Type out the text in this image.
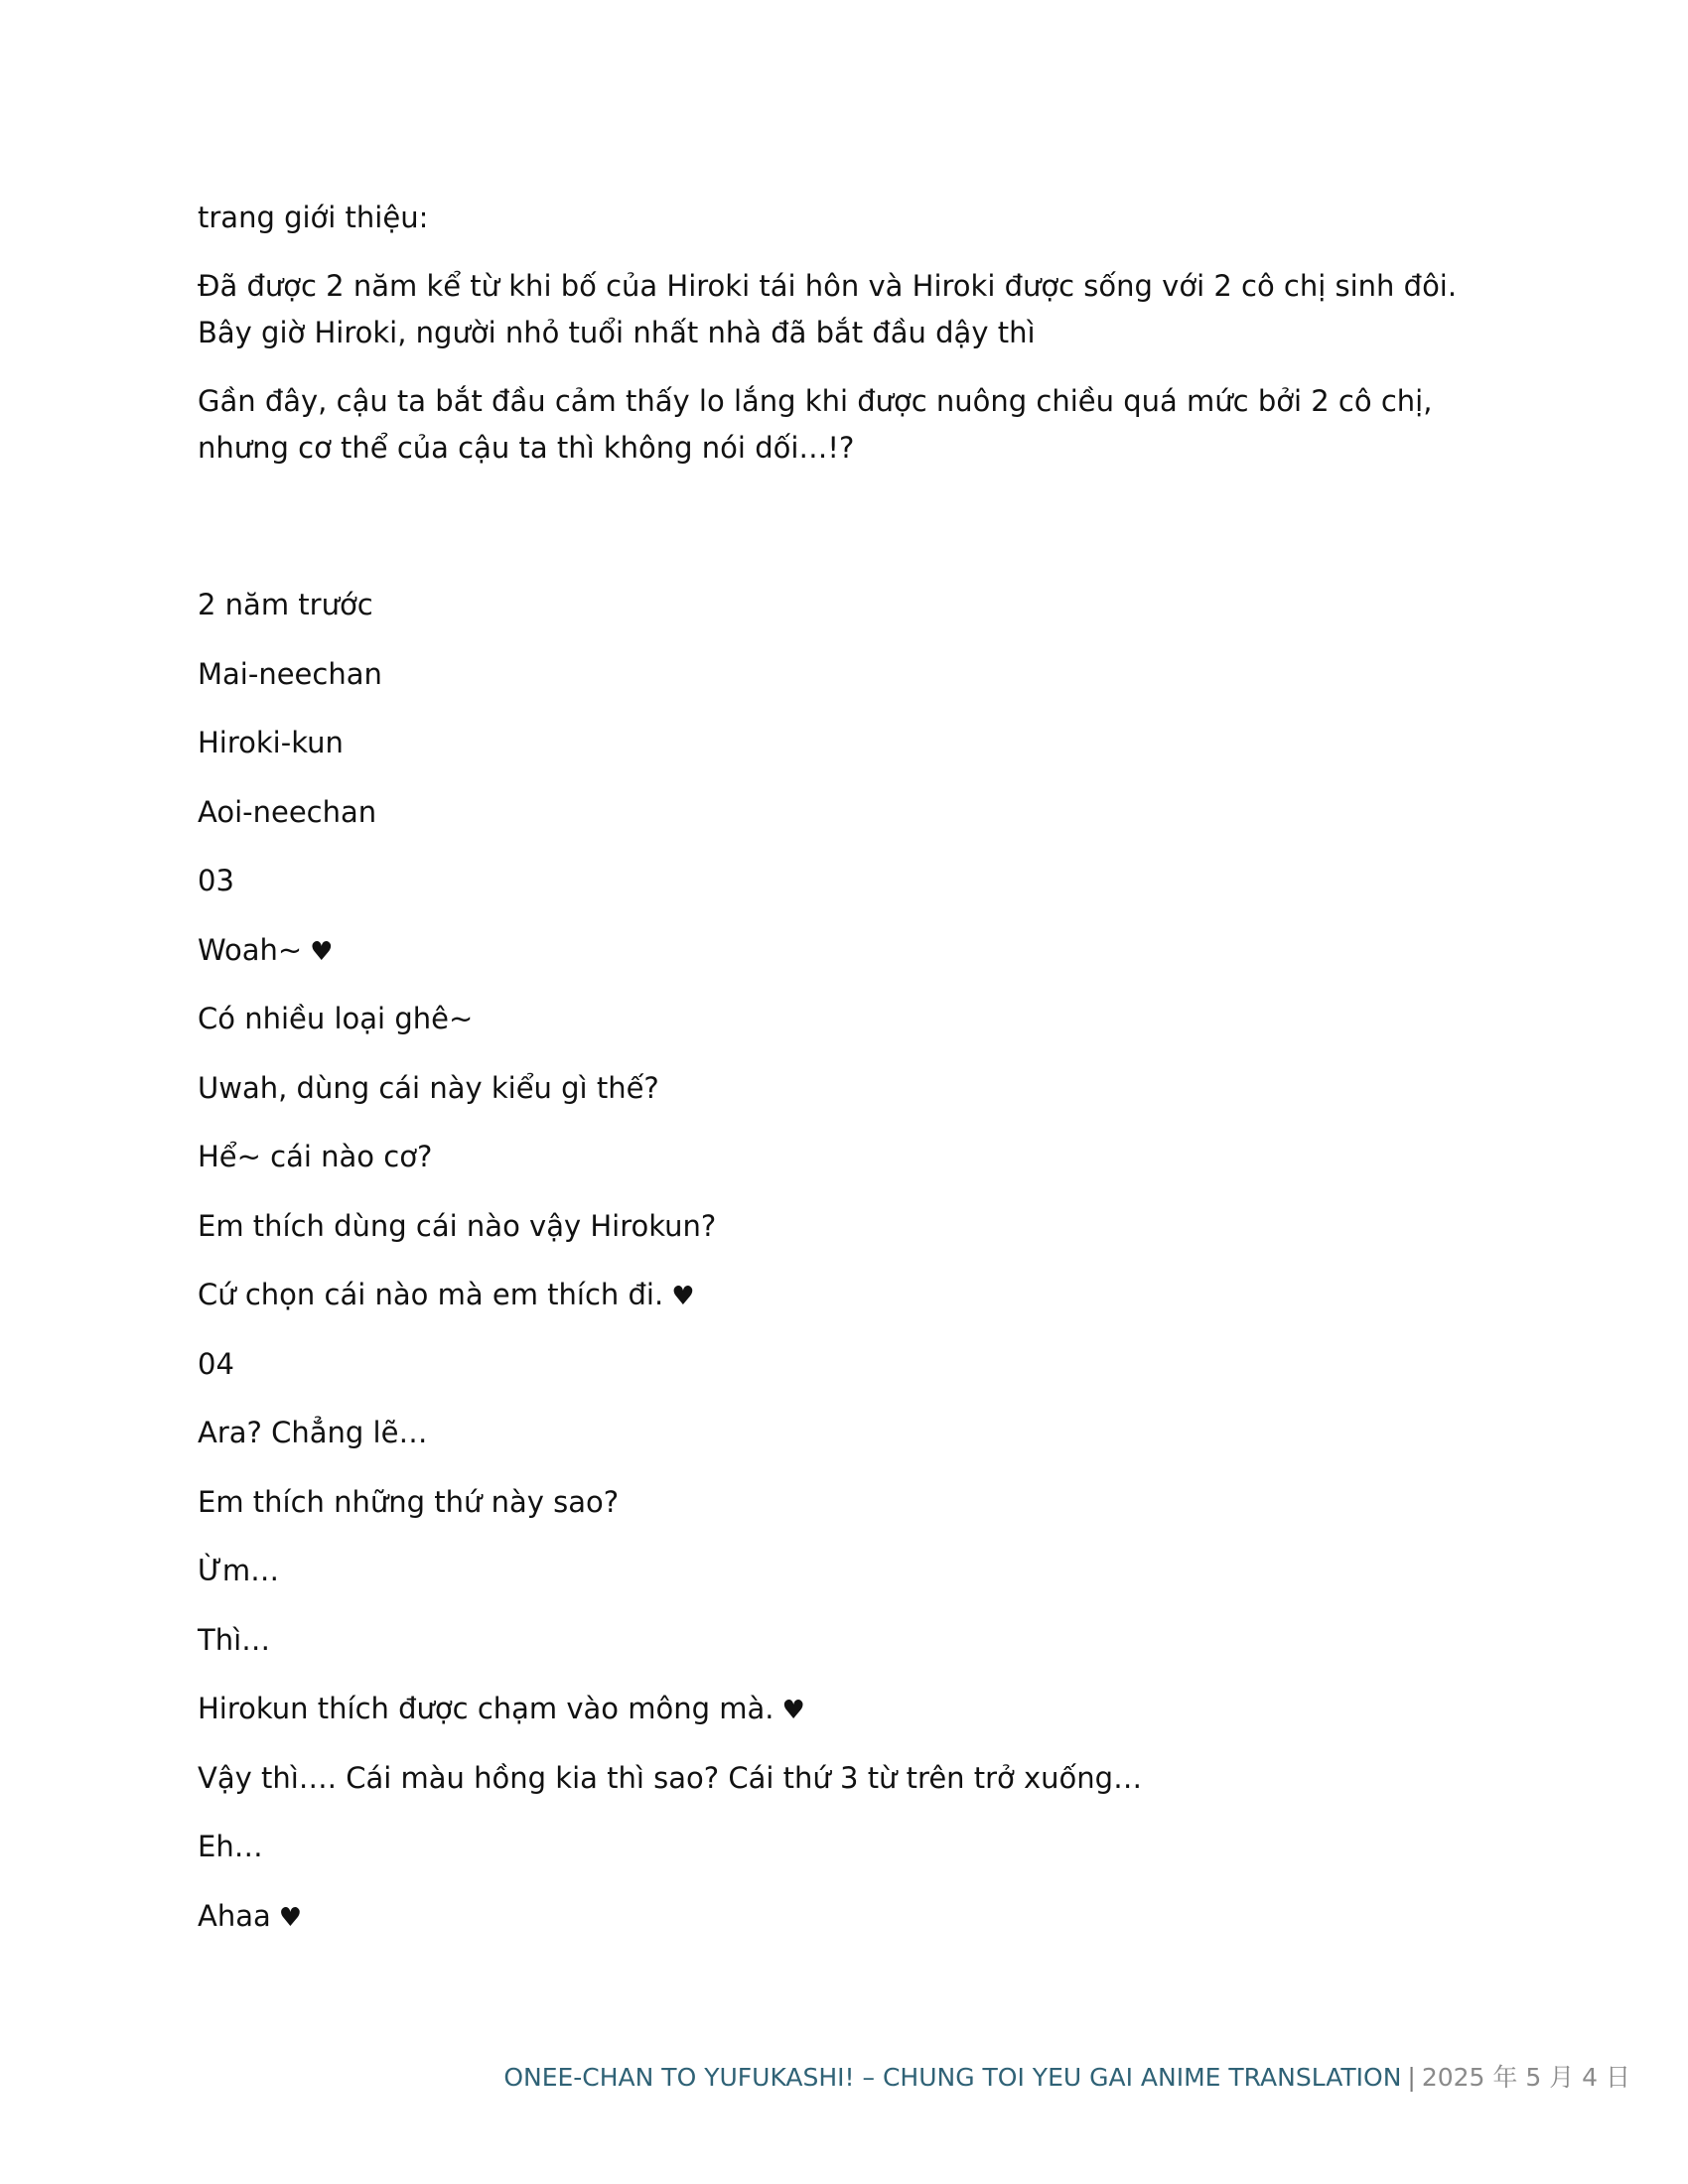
trang giới thiệu:

Đã được 2 năm kể từ khi bố của Hiroki tái hôn và Hiroki được sống với 2 cô chị sinh đôi. Bây giờ Hiroki, người nhỏ tuổi nhất nhà đã bắt đầu dậy thì

Gần đây, cậu ta bắt đầu cảm thấy lo lắng khi được nuông chiều quá mức bởi 2 cô chị, nhưng cơ thể của cậu ta thì không nói dối…!?

2 năm trước

Mai-neechan

Hiroki-kun

Aoi-neechan

03

Woah~ ♥

Có nhiều loại ghê~

Uwah, dùng cái này kiểu gì thế?

Hể~ cái nào cơ?

Em thích dùng cái nào vậy Hirokun?

Cứ chọn cái nào mà em thích đi. ♥

04

Ara? Chẳng lẽ…

Em thích những thứ này sao?

Ừm…

Thì…

Hirokun thích được chạm vào mông mà. ♥

Vậy thì…. Cái màu hồng kia thì sao? Cái thứ 3 từ trên trở xuống…

Eh…

Ahaa ♥

ONEE-CHAN TO YUFUKASHI! – CHUNG TOI YEU GAI ANIME TRANSLATION | 2025 年 5 月 4 日
